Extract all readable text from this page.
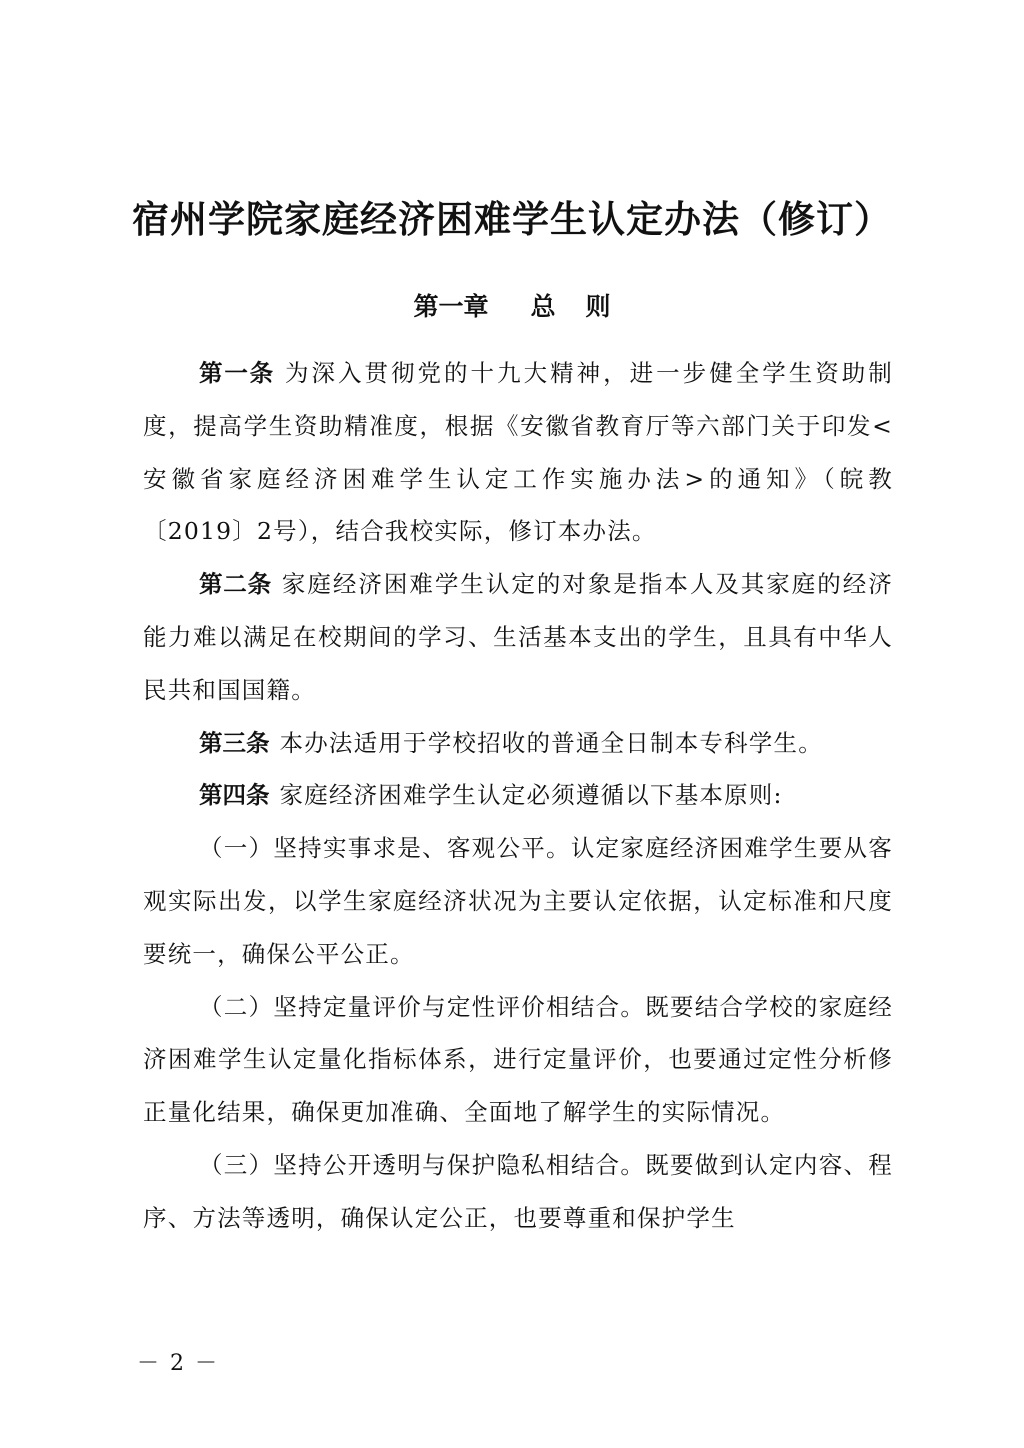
宿州学院家庭经济困难学生认定办法（修订）
第一章 总 则

第一条 为深入贯彻党的十九大精神，进一步健全学生资助制度，提高学生资助精准度，根据《安徽省教育厅等六部门关于印发<安徽省家庭经济困难学生认定工作实施办法>的通知》（皖教〔2019〕2号），结合我校实际，修订本办法。

第二条 家庭经济困难学生认定的对象是指本人及其家庭的经济能力难以满足在校期间的学习、生活基本支出的学生，且具有中华人民共和国国籍。

第三条 本办法适用于学校招收的普通全日制本专科学生。

第四条 家庭经济困难学生认定必须遵循以下基本原则:

（一）坚持实事求是、客观公平。认定家庭经济困难学生要从客观实际出发，以学生家庭经济状况为主要认定依据，认定标准和尺度要统一，确保公平公正。

（二）坚持定量评价与定性评价相结合。既要结合学校的家庭经济困难学生认定量化指标体系，进行定量评价，也要通过定性分析修正量化结果，确保更加准确、全面地了解学生的实际情况。

（三）坚持公开透明与保护隐私相结合。既要做到认定内容、程序、方法等透明，确保认定公正，也要尊重和保护学生

－ 2 －
